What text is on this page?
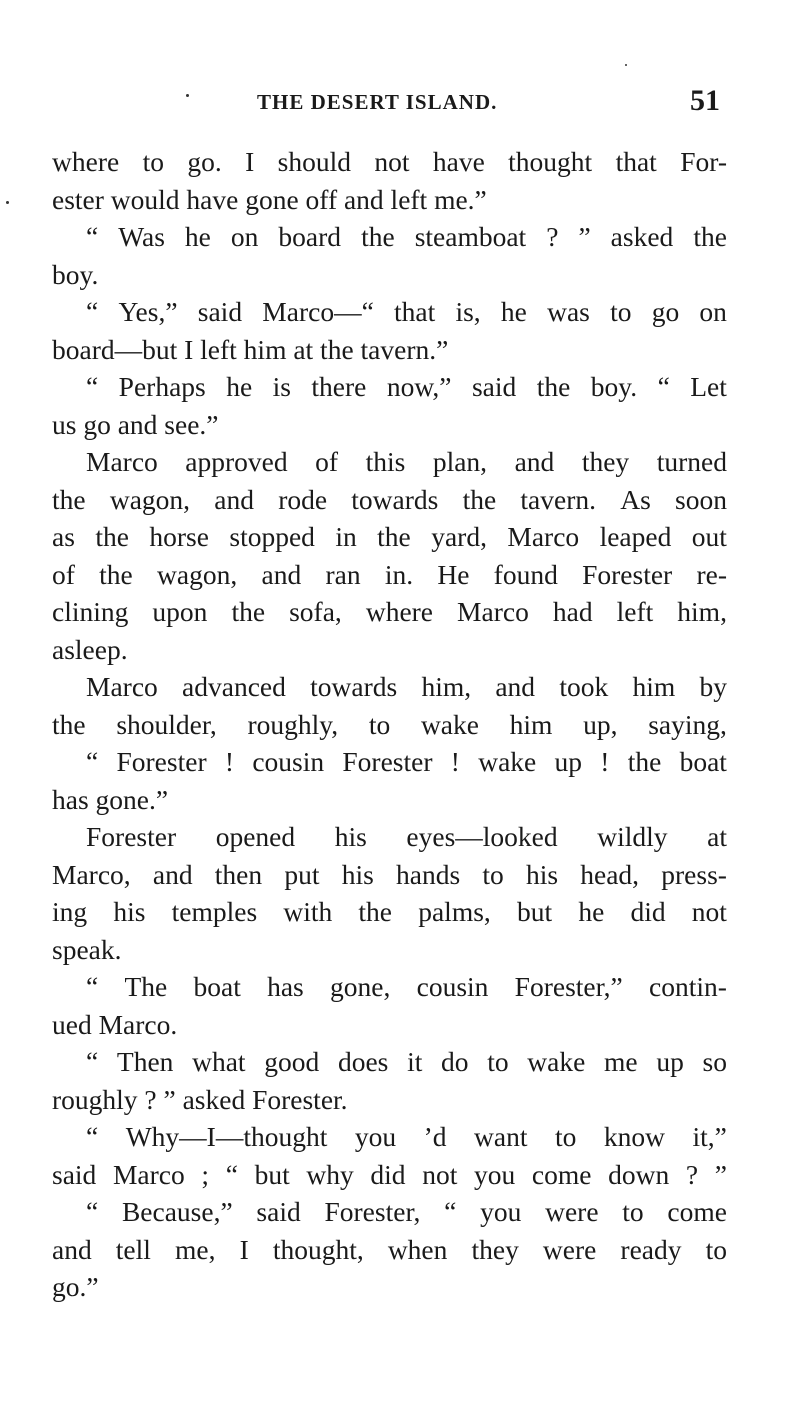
THE DESERT ISLAND.	51
where to go. I should not have thought that For-
ester would have gone off and left me.”
“ Was he on board the steamboat ? ” asked the
boy.
“ Yes,” said Marco—“ that is, he was to go on
board—but I left him at the tavern.”
“ Perhaps he is there now,” said the boy. “ Let
us go and see.”
Marco approved of this plan, and they turned
the wagon, and rode towards the tavern. As soon
as the horse stopped in the yard, Marco leaped out
of the wagon, and ran in. He found Forester re-
clining upon the sofa, where Marco had left him,
asleep.
Marco advanced towards him, and took him by
the shoulder, roughly, to wake him up, saying,
“ Forester ! cousin Forester ! wake up ! the boat
has gone.”
Forester opened his eyes—looked wildly at
Marco, and then put his hands to his head, press-
ing his temples with the palms, but he did not
speak.
“ The boat has gone, cousin Forester,” contin-
ued Marco.
“ Then what good does it do to wake me up so
roughly ? ” asked Forester.
“ Why—I—thought you ’d want to know it,”
said Marco ; “ but why did not you come down ? ”
“ Because,” said Forester, “ you were to come
and tell me, I thought, when they were ready to
go.”
